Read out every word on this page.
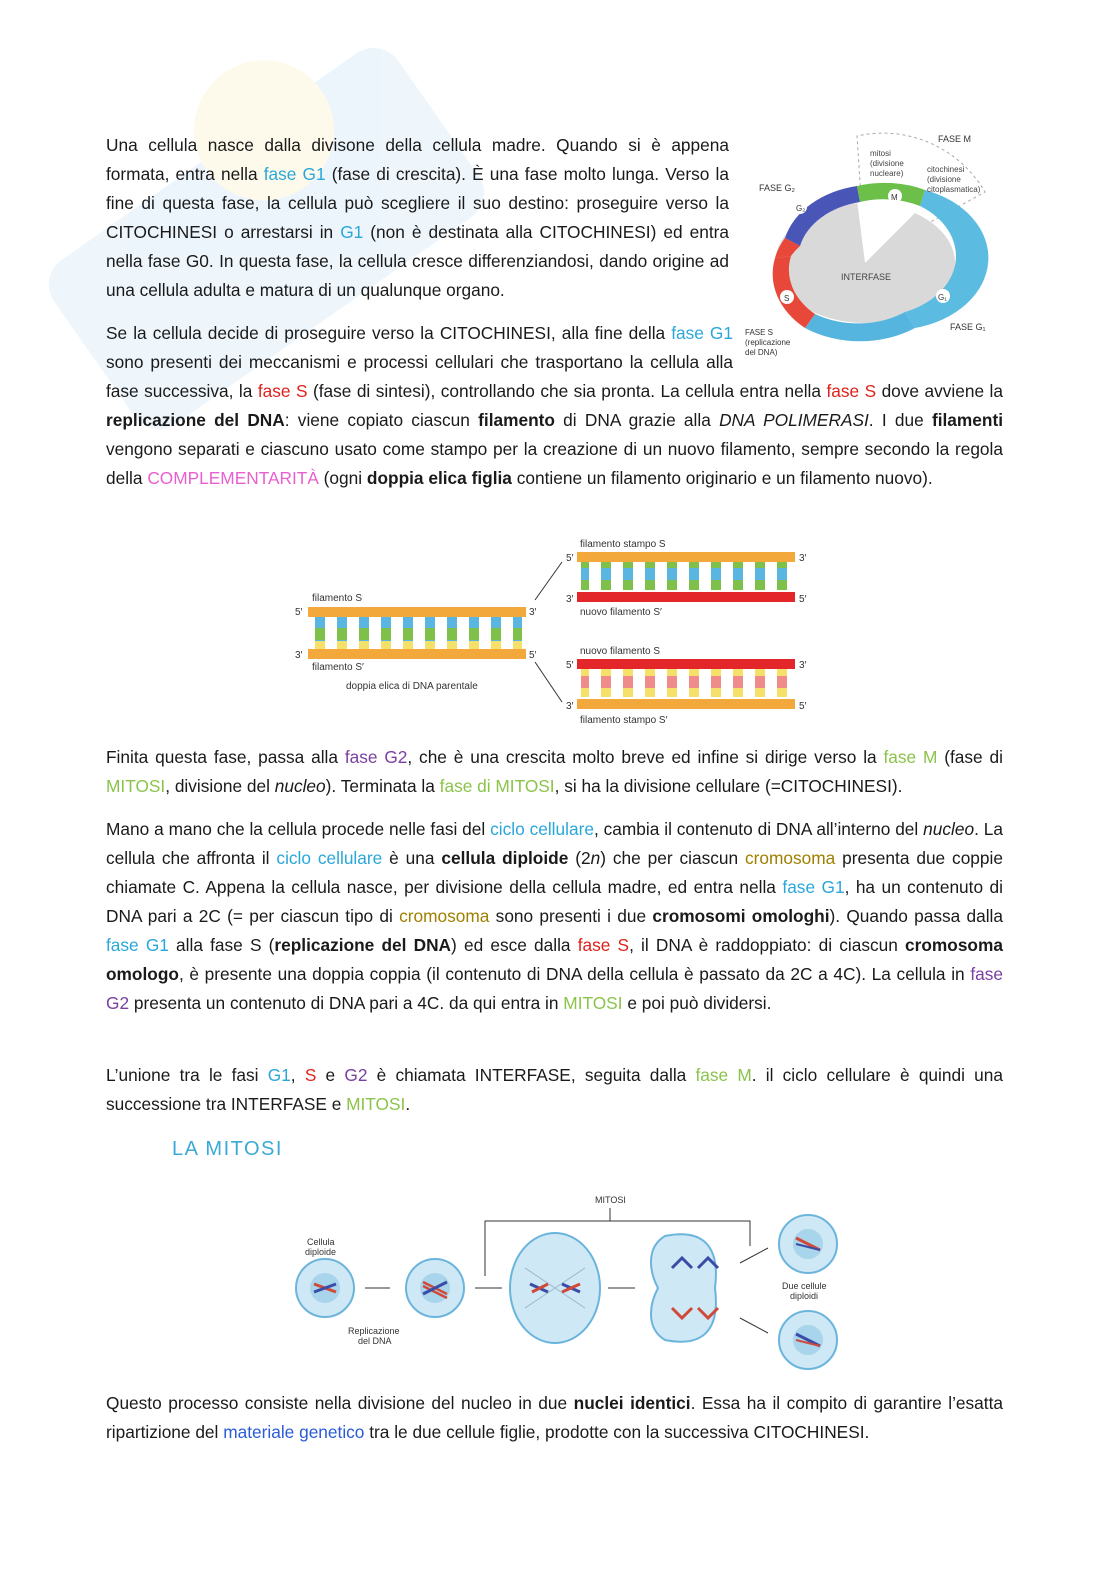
Una cellula nasce dalla divisone della cellula madre. Quando si è appena formata, entra nella fase G1 (fase di crescita). È una fase molto lunga. Verso la fine di questa fase, la cellula può scegliere il suo destino: proseguire verso la CITOCHINESI o arrestarsi in G1 (non è destinata alla CITOCHINESI) ed entra nella fase G0. In questa fase, la cellula cresce differenziandosi, dando origine ad una cellula adulta e matura di un qualunque organo.

G₂
M
G₁
S
INTERFASE
FASE M
mitosi
(divisione
nucleare)	citochinesi
(divisione
citoplasmatica)
FASE G₂
FASE G₁
FASE S
(replicazione
del DNA)

Se la cellula decide di proseguire verso la CITOCHINESI, alla fine della fase G1 sono presenti dei meccanismi e processi cellulari che trasportano la cellula alla fase successiva, la fase S (fase di sintesi), controllando che sia pronta. La cellula entra nella fase S dove avviene la replicazione del DNA: viene copiato ciascun filamento di DNA grazie alla DNA POLIMERASI. I due filamenti vengono separati e ciascuno usato come stampo per la creazione di un nuovo filamento, sempre secondo la regola della COMPLEMENTARITÀ (ogni doppia elica figlia contiene un filamento originario e un filamento nuovo).

filamento S
5′	3′
3′	5′
filamento S′
doppia elica di DNA parentale
filamento stampo S
5′	3′
3′	5′
nuovo filamento S′
nuovo filamento S
5′	3′
3′	5′
filamento stampo S′

Finita questa fase, passa alla fase G2, che è una crescita molto breve ed infine si dirige verso la fase M (fase di MITOSI, divisione del nucleo). Terminata la fase di MITOSI, si ha la divisione cellulare (=CITOCHINESI).

Mano a mano che la cellula procede nelle fasi del ciclo cellulare, cambia il contenuto di DNA all’interno del nucleo. La cellula che affronta il ciclo cellulare è una cellula diploide (2n) che per ciascun cromosoma presenta due coppie chiamate C. Appena la cellula nasce, per divisione della cellula madre, ed entra nella fase G1, ha un contenuto di DNA pari a 2C (= per ciascun tipo di cromosoma sono presenti i due cromosomi omologhi). Quando passa dalla fase G1 alla fase S (replicazione del DNA) ed esce dalla fase S, il DNA è raddoppiato: di ciascun cromosoma omologo, è presente una doppia coppia (il contenuto di DNA della cellula è passato da 2C a 4C). La cellula in fase G2 presenta un contenuto di DNA pari a 4C. da qui entra in MITOSI e poi può dividersi.

L’unione tra le fasi G1, S e G2 è chiamata INTERFASE, seguita dalla fase M. il ciclo cellulare è quindi una successione tra INTERFASE e MITOSI.

LA MITOSI
MITOSI
Cellula
diploide
Replicazione
del DNA
Due cellule
diploidi

Questo processo consiste nella divisione del nucleo in due nuclei identici. Essa ha il compito di garantire l’esatta ripartizione del materiale genetico tra le due cellule figlie, prodotte con la successiva CITOCHINESI.
